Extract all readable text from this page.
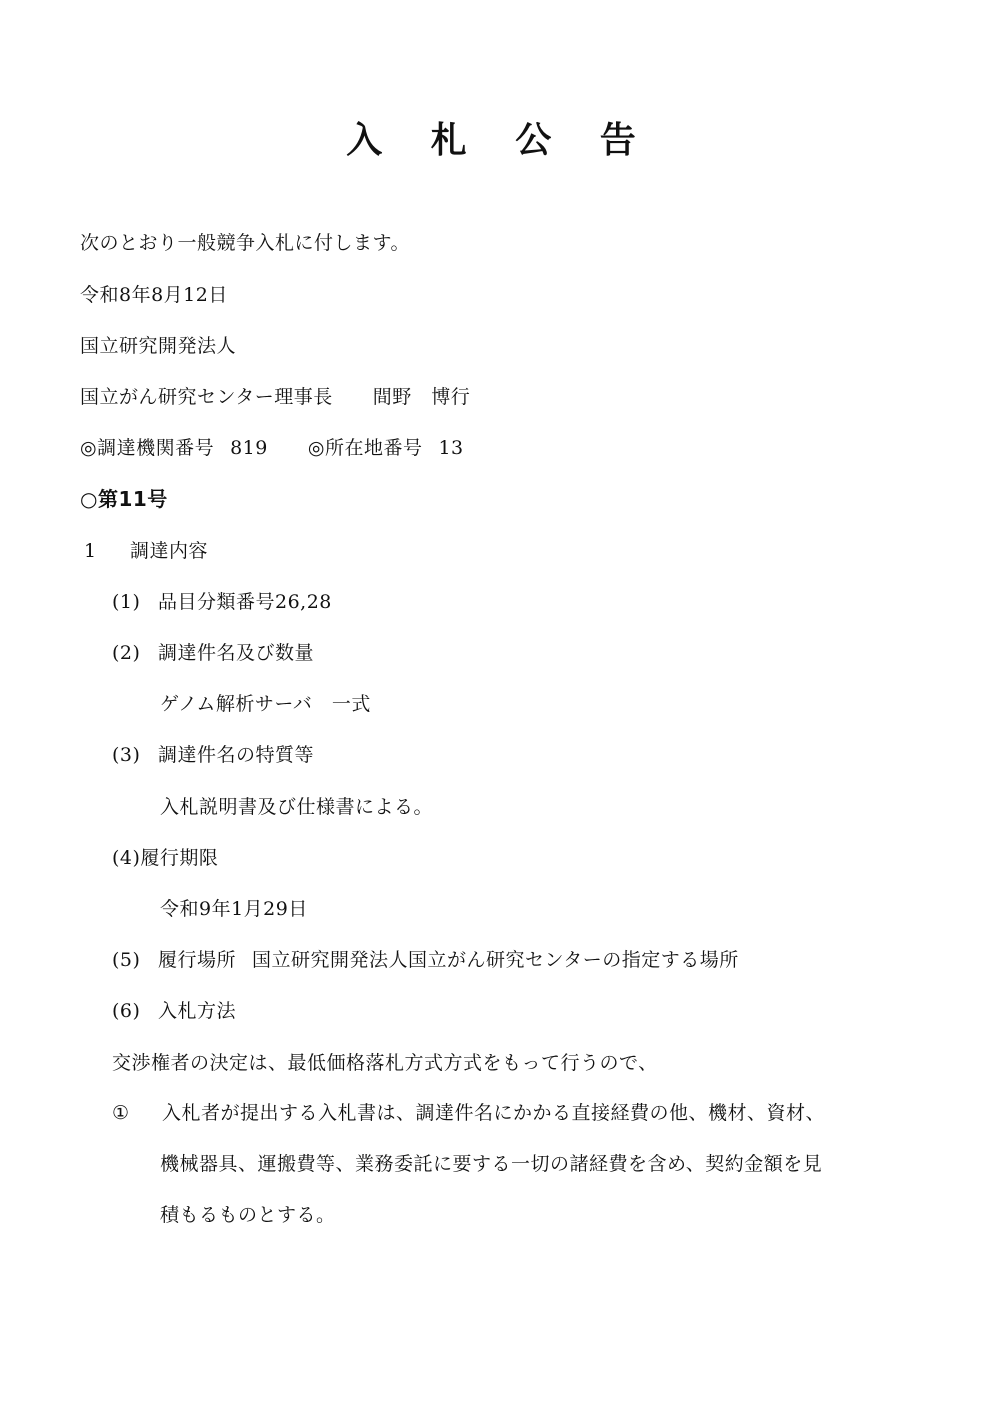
入 札 公 告
次のとおり一般競争入札に付します。
令和8年8月12日
国立研究開発法人
国立がん研究センター理事長 間野　博行
◎調達機関番号 819 ◎所在地番号 13
○第11号
1 調達内容
(1) 品目分類番号26,28
(2) 調達件名及び数量
ゲノム解析サーバ　一式
(3) 調達件名の特質等
入札説明書及び仕様書による。
(4)履行期限
令和9年1月29日
(5) 履行場所 国立研究開発法人国立がん研究センターの指定する場所
(6) 入札方法
交渉権者の決定は、最低価格落札方式方式をもって行うので、
① 入札者が提出する入札書は、調達件名にかかる直接経費の他、機材、資材、
機械器具、運搬費等、業務委託に要する一切の諸経費を含め、契約金額を見
積もるものとする。
